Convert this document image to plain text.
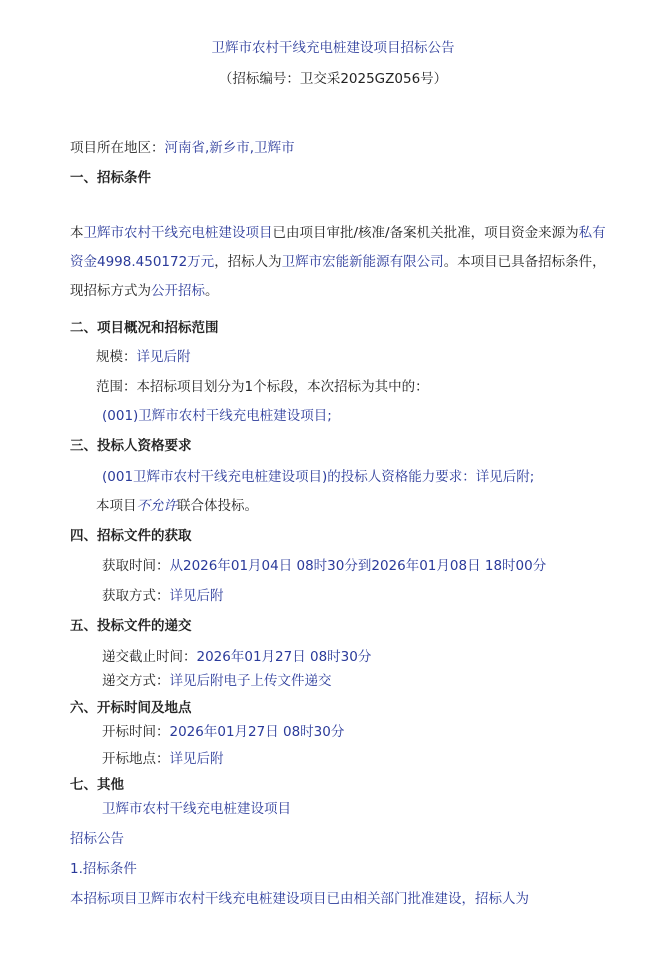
卫辉市农村干线充电桩建设项目招标公告
（招标编号：卫交采2025GZ056号）
项目所在地区：河南省,新乡市,卫辉市
一、招标条件
本卫辉市农村干线充电桩建设项目已由项目审批/核准/备案机关批准，项目资金来源为私有资金4998.450172万元，招标人为卫辉市宏能新能源有限公司。本项目已具备招标条件，现招标方式为公开招标。
二、项目概况和招标范围
规模：详见后附
范围：本招标项目划分为1个标段，本次招标为其中的：
(001)卫辉市农村干线充电桩建设项目;
三、投标人资格要求
(001卫辉市农村干线充电桩建设项目)的投标人资格能力要求：详见后附;
本项目不允许联合体投标。
四、招标文件的获取
获取时间：从2026年01月04日 08时30分到2026年01月08日 18时00分
获取方式：详见后附
五、投标文件的递交
递交截止时间：2026年01月27日 08时30分
递交方式：详见后附电子上传文件递交
六、开标时间及地点
开标时间：2026年01月27日 08时30分
开标地点：详见后附
七、其他
卫辉市农村干线充电桩建设项目
招标公告
1.招标条件
本招标项目卫辉市农村干线充电桩建设项目已由相关部门批准建设，招标人为
